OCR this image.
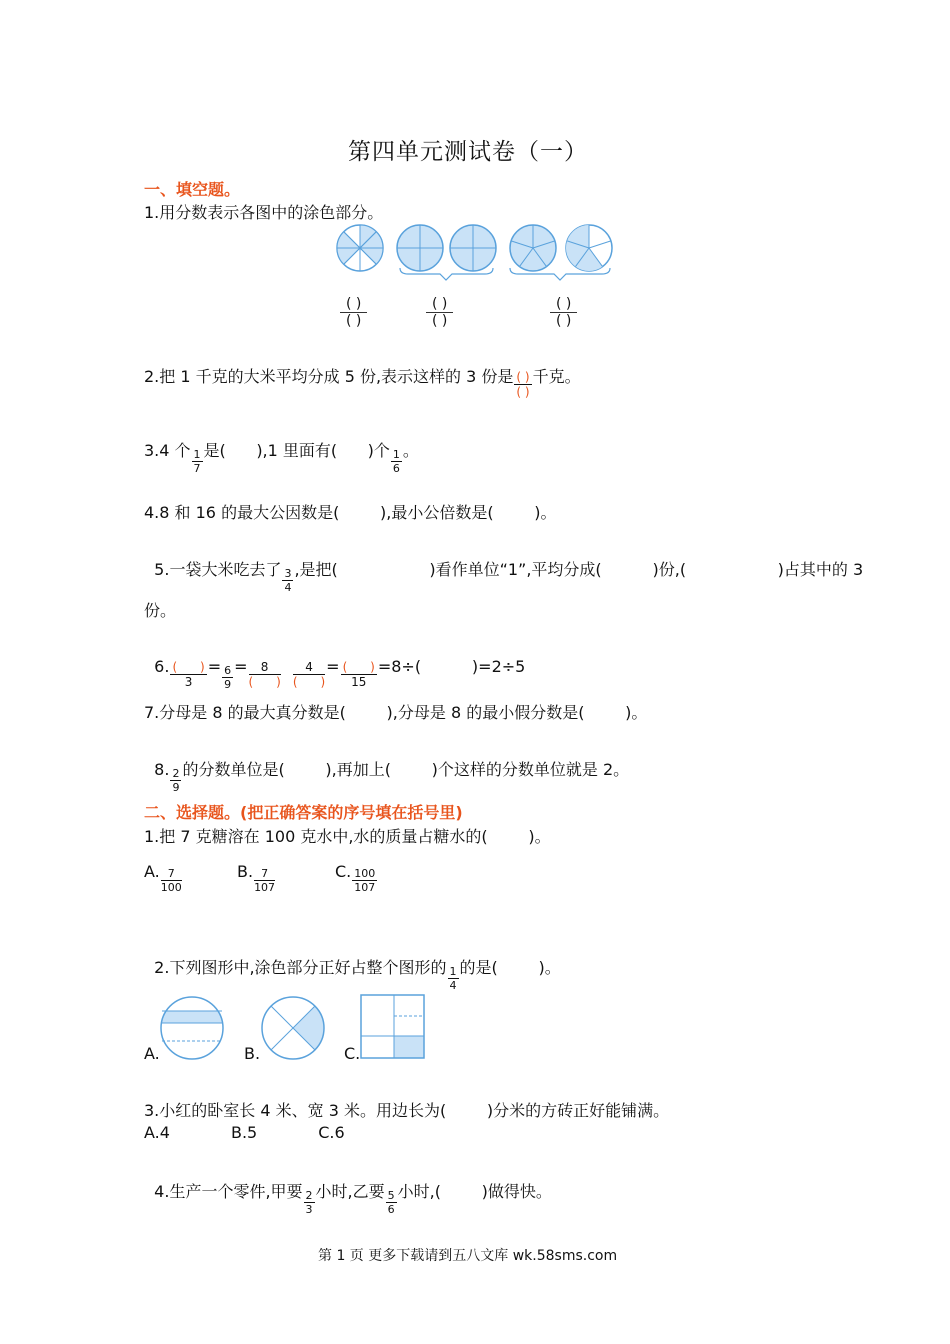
第四单元测试卷（一）
一、填空题。
1.用分数表示各图中的涂色部分。
( )
( )
( )
( )
( )
( )
2.把 1 千克的大米平均分成 5 份,表示这样的 3 份是 $\frac{( )}{( )}$ 千克。
3.4 个 $\frac{1}{7}$ 是( ),1 里面有( )个 $\frac{1}{6}$ 。
4.8 和 16 的最大公因数是(        ),最小公倍数是(        )。

5.一袋大米吃去了 $\frac{3}{4}$ ,是把(                  )看作单位“1”,平均分成(          )份,(                  )占其中的 3

份。

6. (      )
3
= $\frac{6}{9} = \frac{8}{( )}$
$\frac{4}{( )}$ = (      )
15
=8÷(          )=2÷5

7.分母是 8 的最大真分数是(        ),分母是 8 的最小假分数是(        )。

8. $\frac{2}{9}$ 的分数单位是(        ),再加上(        )个这样的分数单位就是 2。

二、选择题。(把正确答案的序号填在括号里)
1.把 7 克糖溶在 100 克水中,水的质量占糖水的(        )。
A. $\frac{7}{100}$	B. $\frac{7}{107}$	C. $\frac{100}{107}$

2.下列图形中,涂色部分正好占整个图形的 $\frac{1}{4}$ 的是(        )。

A.	B.	C.
3.小红的卧室长 4 米、宽 3 米。用边长为(        )分米的方砖正好能铺满。
A.4            B.5            C.6

4.生产一个零件,甲要 $\frac{2}{3}$ 小时,乙要 $\frac{5}{6}$ 小时,(        )做得快。

第 1 页 更多下载请到五八文库 wk.58sms.com
